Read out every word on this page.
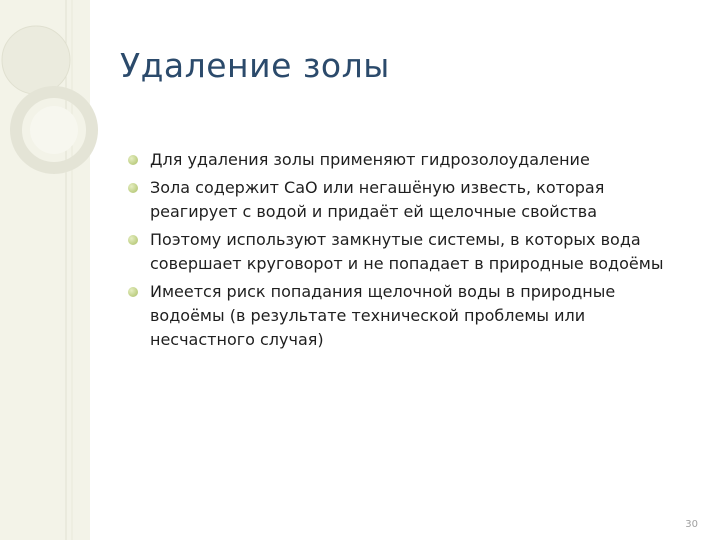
Удаление золы
Для удаления золы применяют гидрозолоудаление
Зола содержит CaO или негашёную известь, которая реагирует с водой и придаёт ей щелочные свойства
Поэтому используют замкнутые системы, в которых вода совершает круговорот и не попадает в природные водоёмы
Имеется риск попадания щелочной воды в природные водоёмы (в результате технической проблемы или несчастного случая)
30
